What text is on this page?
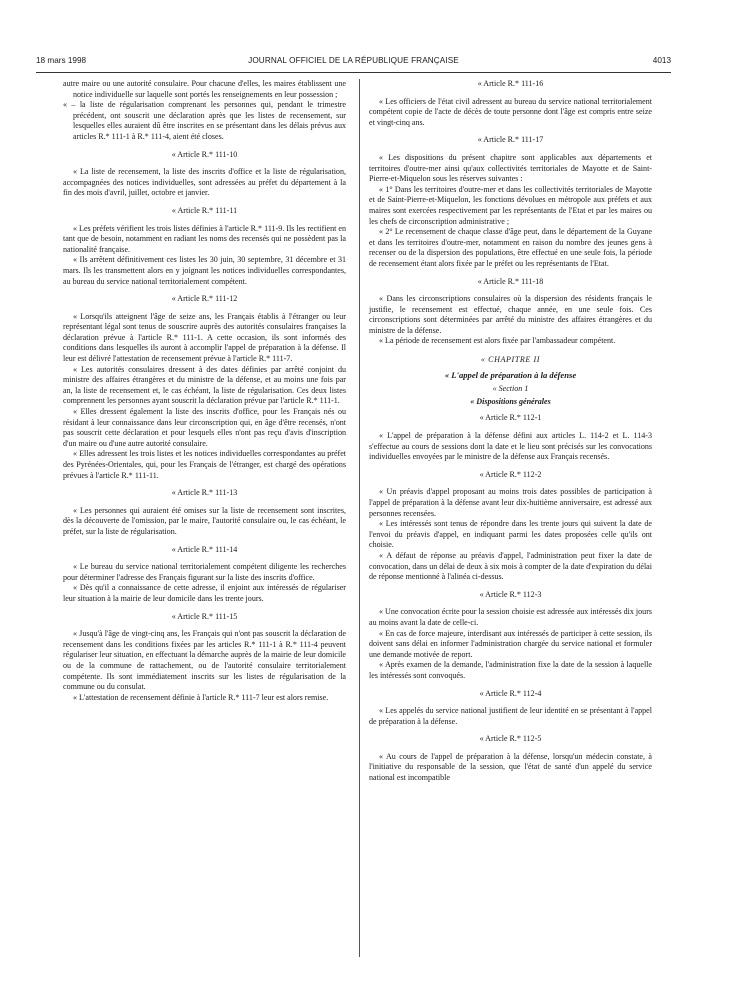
18 mars 1998	JOURNAL OFFICIEL DE LA RÉPUBLIQUE FRANÇAISE	4013

autre maire ou une autorité consulaire. Pour chacune d'elles, les maires établissent une notice individuelle sur laquelle sont portés les renseignements en leur possession ;

« – la liste de régularisation comprenant les personnes qui, pendant le trimestre précédent, ont souscrit une déclaration après que les listes de recensement, sur lesquelles elles auraient dû être inscrites en se présentant dans les délais prévus aux articles R.* 111-1 à R.* 111-4, aient été closes.

« Article R.* 111-10

« La liste de recensement, la liste des inscrits d'office et la liste de régularisation, accompagnées des notices individuelles, sont adressées au préfet du département à la fin des mois d'avril, juillet, octobre et janvier.

« Article R.* 111-11

« Les préfets vérifient les trois listes définies à l'article R.* 111-9. Ils les rectifient en tant que de besoin, notamment en radiant les noms des recensés qui ne possèdent pas la nationalité française.

« Ils arrêtent définitivement ces listes les 30 juin, 30 septembre, 31 décembre et 31 mars. Ils les transmettent alors en y joignant les notices individuelles correspondantes, au bureau du service national territorialement compétent.

« Article R.* 111-12

« Lorsqu'ils atteignent l'âge de seize ans, les Français établis à l'étranger ou leur représentant légal sont tenus de souscrire auprès des autorités consulaires françaises la déclaration prévue à l'article R.* 111-1. A cette occasion, ils sont informés des conditions dans lesquelles ils auront à accomplir l'appel de préparation à la défense. Il leur est délivré l'attestation de recensement prévue à l'article R.* 111-7.

« Les autorités consulaires dressent à des dates définies par arrêté conjoint du ministre des affaires étrangères et du ministre de la défense, et au moins une fois par an, la liste de recensement et, le cas échéant, la liste de régularisation. Ces deux listes comprennent les personnes ayant souscrit la déclaration prévue par l'article R.* 111-1.

« Elles dressent également la liste des inscrits d'office, pour les Français nés ou résidant à leur connaissance dans leur circonscription qui, en âge d'être recensés, n'ont pas souscrit cette déclaration et pour lesquels elles n'ont pas reçu d'avis d'inscription d'un maire ou d'une autre autorité consulaire.

« Elles adressent les trois listes et les notices individuelles correspondantes au préfet des Pyrénées-Orientales, qui, pour les Français de l'étranger, est chargé des opérations prévues à l'article R.* 111-11.

« Article R.* 111-13

« Les personnes qui auraient été omises sur la liste de recensement sont inscrites, dès la découverte de l'omission, par le maire, l'autorité consulaire ou, le cas échéant, le préfet, sur la liste de régularisation.

« Article R.* 111-14

« Le bureau du service national territorialement compétent diligente les recherches pour déterminer l'adresse des Français figurant sur la liste des inscrits d'office.

« Dès qu'il a connaissance de cette adresse, il enjoint aux intéressés de régulariser leur situation à la mairie de leur domicile dans les trente jours.

« Article R.* 111-15

« Jusqu'à l'âge de vingt-cinq ans, les Français qui n'ont pas souscrit la déclaration de recensement dans les conditions fixées par les articles R.* 111-1 à R.* 111-4 peuvent régulariser leur situation, en effectuant la démarche auprès de la mairie de leur domicile ou de la commune de rattachement, ou de l'autorité consulaire territorialement compétente. Ils sont immédiatement inscrits sur les listes de régularisation de la commune ou du consulat.

« L'attestation de recensement définie à l'article R.* 111-7 leur est alors remise.

« Article R.* 111-16

« Les officiers de l'état civil adressent au bureau du service national territorialement compétent copie de l'acte de décès de toute personne dont l'âge est compris entre seize et vingt-cinq ans.

« Article R.* 111-17

« Les dispositions du présent chapitre sont applicables aux départements et territoires d'outre-mer ainsi qu'aux collectivités territoriales de Mayotte et de Saint-Pierre-et-Miquelon sous les réserves suivantes :

« 1° Dans les territoires d'outre-mer et dans les collectivités territoriales de Mayotte et de Saint-Pierre-et-Miquelon, les fonctions dévolues en métropole aux préfets et aux maires sont exercées respectivement par les représentants de l'Etat et par les maires ou les chefs de circonscription administrative ;

« 2° Le recensement de chaque classe d'âge peut, dans le département de la Guyane et dans les territoires d'outre-mer, notamment en raison du nombre des jeunes gens à recenser ou de la dispersion des populations, être effectué en une seule fois, la période de recensement étant alors fixée par le préfet ou les représentants de l'Etat.

« Article R.* 111-18

« Dans les circonscriptions consulaires où la dispersion des résidents français le justifie, le recensement est effectué, chaque année, en une seule fois. Ces circonscriptions sont déterminées par arrêté du ministre des affaires étrangères et du ministre de la défense.

« La période de recensement est alors fixée par l'ambassadeur compétent.

« CHAPITRE II
« L'appel de préparation à la défense
« Section 1
« Dispositions générales
« Article R.* 112-1

« L'appel de préparation à la défense défini aux articles L. 114-2 et L. 114-3 s'effectue au cours de sessions dont la date et le lieu sont précisés sur les convocations individuelles envoyées par le ministre de la défense aux Français recensés.

« Article R.* 112-2

« Un préavis d'appel proposant au moins trois dates possibles de participation à l'appel de préparation à la défense avant leur dix-huitième anniversaire, est adressé aux personnes recensées.

« Les intéressés sont tenus de répondre dans les trente jours qui suivent la date de l'envoi du préavis d'appel, en indiquant parmi les dates proposées celle qu'ils ont choisie.

« A défaut de réponse au préavis d'appel, l'administration peut fixer la date de convocation, dans un délai de deux à six mois à compter de la date d'expiration du délai de réponse mentionné à l'alinéa ci-dessus.

« Article R.* 112-3

« Une convocation écrite pour la session choisie est adressée aux intéressés dix jours au moins avant la date de celle-ci.

« En cas de force majeure, interdisant aux intéressés de participer à cette session, ils doivent sans délai en informer l'administration chargée du service national et formuler une demande motivée de report.

« Après examen de la demande, l'administration fixe la date de la session à laquelle les intéressés sont convoqués.

« Article R.* 112-4

« Les appelés du service national justifient de leur identité en se présentant à l'appel de préparation à la défense.

« Article R.* 112-5

« Au cours de l'appel de préparation à la défense, lorsqu'un médecin constate, à l'initiative du responsable de la session, que l'état de santé d'un appelé du service national est incompatible
